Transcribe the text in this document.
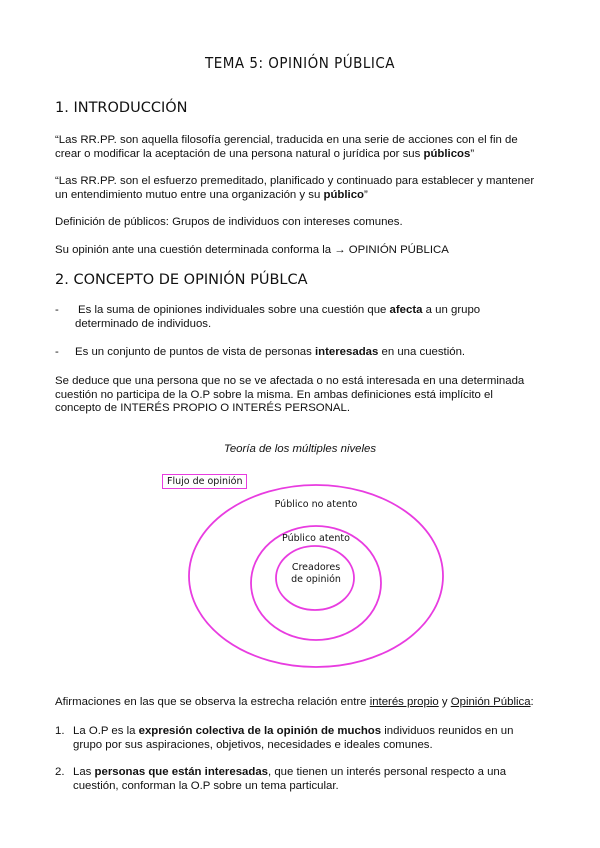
TEMA 5: OPINIÓN PÚBLICA
1. INTRODUCCIÓN
“Las RR.PP. son aquella filosofía gerencial, traducida en una serie de acciones con el fin de
crear o modificar la aceptación de una persona natural o jurídica por sus públicos”
“Las RR.PP. son el esfuerzo premeditado, planificado y continuado para establecer y mantener
un entendimiento mutuo entre una organización y su público”
Definición de públicos: Grupos de individuos con intereses comunes.
Su opinión ante una cuestión determinada conforma la → OPINIÓN PÚBLICA
2. CONCEPTO DE OPINIÓN PÚBLCA
-	Es la suma de opiniones individuales sobre una cuestión que afecta a un grupo
determinado de individuos.
-	Es un conjunto de puntos de vista de personas interesadas en una cuestión.
Se deduce que una persona que no se ve afectada o no está interesada en una determinada
cuestión no participa de la O.P sobre la misma. En ambas definiciones está implícito el
concepto de INTERÉS PROPIO O INTERÉS PERSONAL.
Teoría de los múltiples niveles
Flujo de opinión
Público no atento
Público atento
Creadores
de opinión
Afirmaciones en las que se observa la estrecha relación entre interés propio y Opinión Pública:
1. La O.P es la expresión colectiva de la opinión de muchos individuos reunidos en un
grupo por sus aspiraciones, objetivos, necesidades e ideales comunes.
2. Las personas que están interesadas, que tienen un interés personal respecto a una
cuestión, conforman la O.P sobre un tema particular.
